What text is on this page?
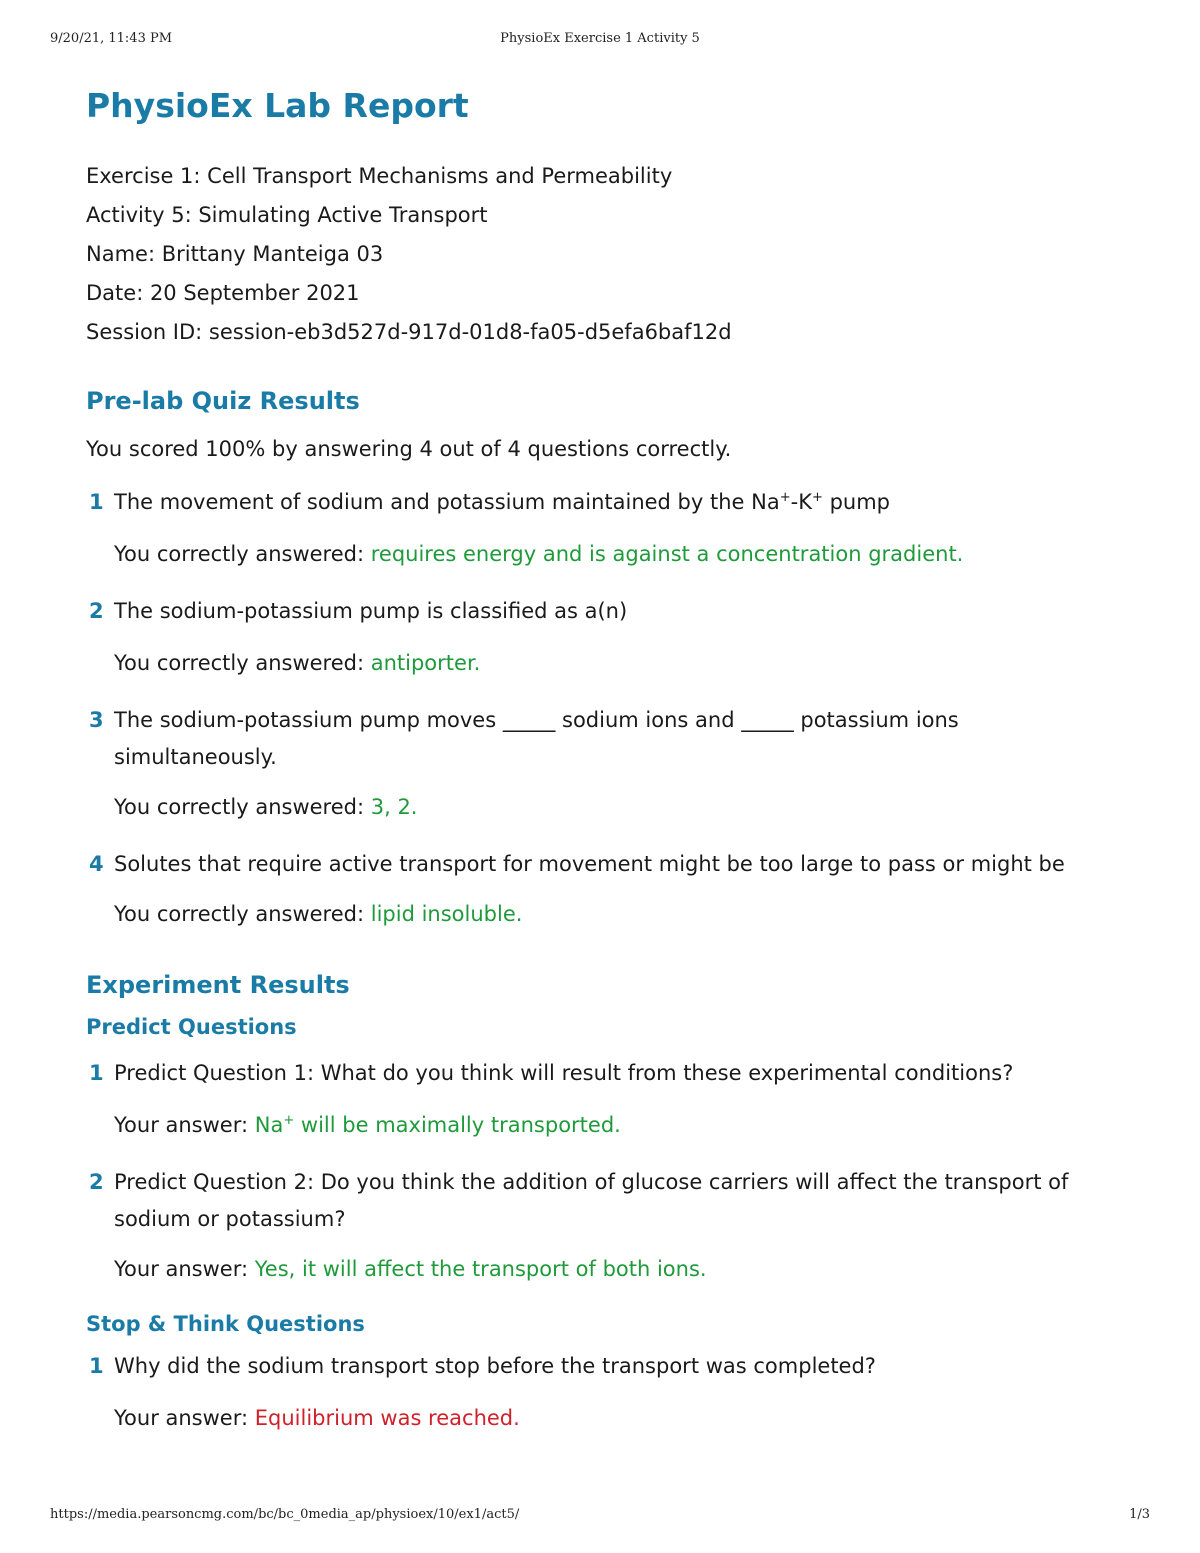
9/20/21, 11:43 PM	PhysioEx Exercise 1 Activity 5
PhysioEx Lab Report
Exercise 1: Cell Transport Mechanisms and Permeability
Activity 5: Simulating Active Transport
Name: Brittany Manteiga 03
Date: 20 September 2021
Session ID: session-eb3d527d-917d-01d8-fa05-d5efa6baf12d
Pre-lab Quiz Results
You scored 100% by answering 4 out of 4 questions correctly.
1 The movement of sodium and potassium maintained by the Na+-K+ pump
You correctly answered: requires energy and is against a concentration gradient.
2 The sodium-potassium pump is classified as a(n)
You correctly answered: antiporter.
3 The sodium-potassium pump moves _____ sodium ions and _____ potassium ions simultaneously.
You correctly answered: 3, 2.
4 Solutes that require active transport for movement might be too large to pass or might be
You correctly answered: lipid insoluble.
Experiment Results
Predict Questions
1 Predict Question 1: What do you think will result from these experimental conditions?
Your answer: Na+ will be maximally transported.
2 Predict Question 2: Do you think the addition of glucose carriers will affect the transport of sodium or potassium?
Your answer: Yes, it will affect the transport of both ions.
Stop & Think Questions
1 Why did the sodium transport stop before the transport was completed?
Your answer: Equilibrium was reached.
https://media.pearsoncmg.com/bc/bc_0media_ap/physioex/10/ex1/act5/	1/3
